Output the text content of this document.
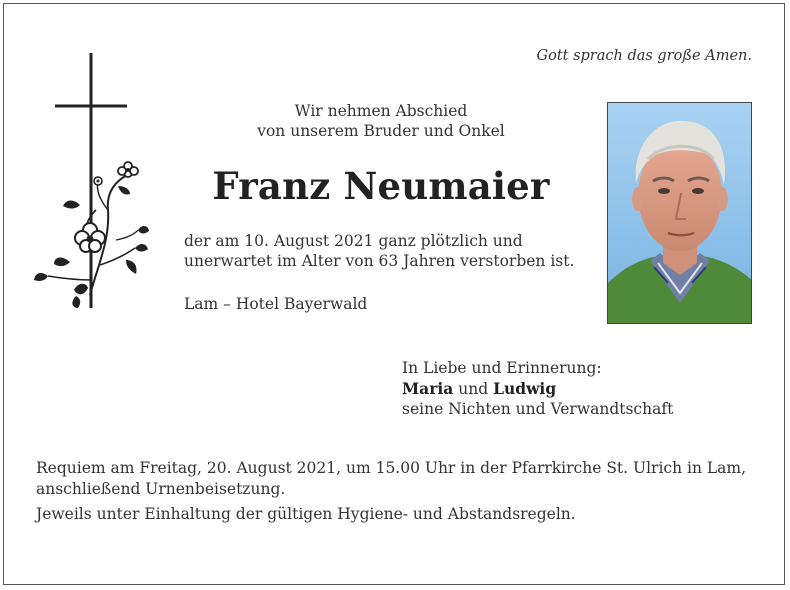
Gott sprach das große Amen.
Wir nehmen Abschied
von unserem Bruder und Onkel
Franz Neumaier
der am 10. August 2021 ganz plötzlich und
unerwartet im Alter von 63 Jahren verstorben ist.
Lam – Hotel Bayerwald
In Liebe und Erinnerung:
Maria und Ludwig
seine Nichten und Verwandtschaft
Requiem am Freitag, 20. August 2021, um 15.00 Uhr in der Pfarrkirche St. Ulrich in Lam,
anschließend Urnenbeisetzung.
Jeweils unter Einhaltung der gültigen Hygiene- und Abstandsregeln.
